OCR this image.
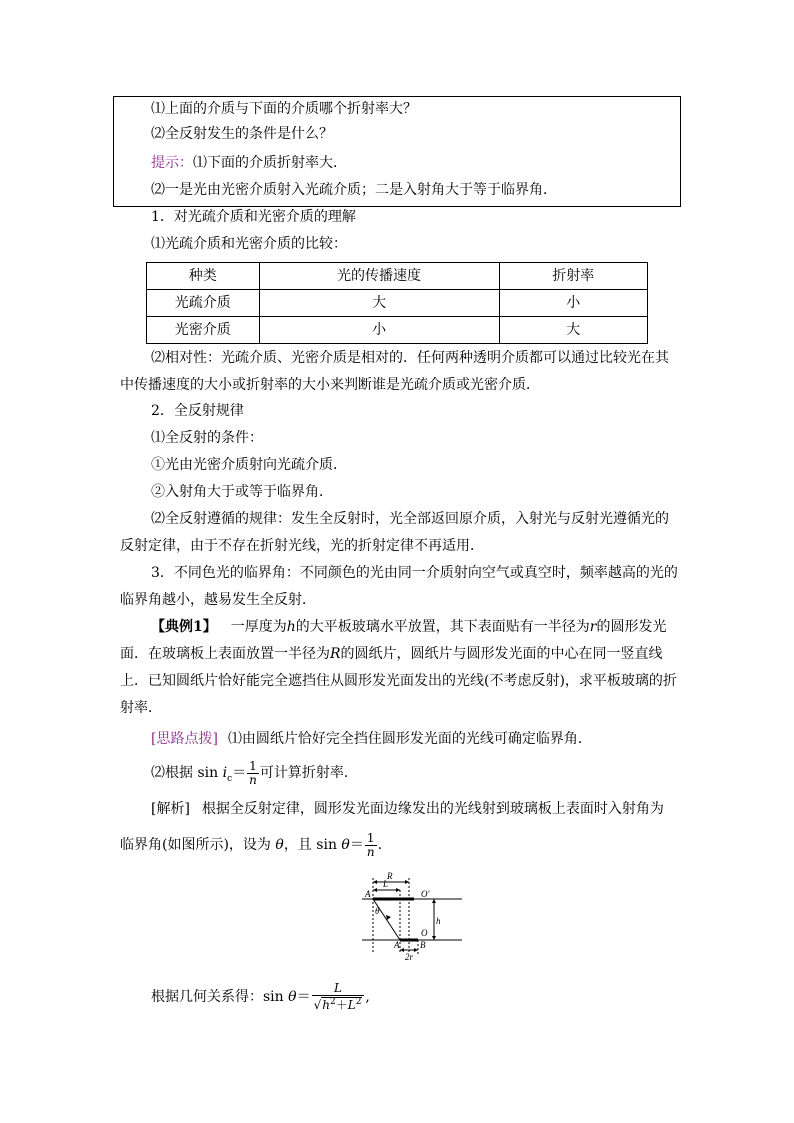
⑴上面的介质与下面的介质哪个折射率大？
⑵全反射发生的条件是什么？
提示：⑴下面的介质折射率大．
⑵一是光由光密介质射入光疏介质；二是入射角大于等于临界角．
1．对光疏介质和光密介质的理解
⑴光疏介质和光密介质的比较：
种类	光的传播速度	折射率
光疏介质	大	小
光密介质	小	大
⑵相对性：光疏介质、光密介质是相对的．任何两种透明介质都可以通过比较光在其
中传播速度的大小或折射率的大小来判断谁是光疏介质或光密介质．
2．全反射规律
⑴全反射的条件：
①光由光密介质射向光疏介质．
②入射角大于或等于临界角．
⑵全反射遵循的规律：发生全反射时，光全部返回原介质，入射光与反射光遵循光的
反射定律，由于不存在折射光线，光的折射定律不再适用．
3．不同色光的临界角：不同颜色的光由同一介质射向空气或真空时，频率越高的光的
临界角越小，越易发生全反射．
【典例1】 一厚度为h的大平板玻璃水平放置，其下表面贴有一半径为r的圆形发光
面．在玻璃板上表面放置一半径为R的圆纸片，圆纸片与圆形发光面的中心在同一竖直线
上．已知圆纸片恰好能完全遮挡住从圆形发光面发出的光线(不考虑反射)，求平板玻璃的折
射率．
[思路点拨] ⑴由圆纸片恰好完全挡住圆形发光面的光线可确定临界角．
⑵根据 $\sin i_c= \frac{1}{n}$ 可计算折射率．
[解析] 根据全反射定律，圆形发光面边缘发出的光线射到玻璃板上表面时入射角为
临界角(如图所示)，设为 θ，且 $\sin \theta= \frac{1}{n}$ .
R
L
A	O′
θ
h
O
A B
2r
根据几何关系得：$\sin \theta= \frac{L}{√h^2+L^2}$ ,
